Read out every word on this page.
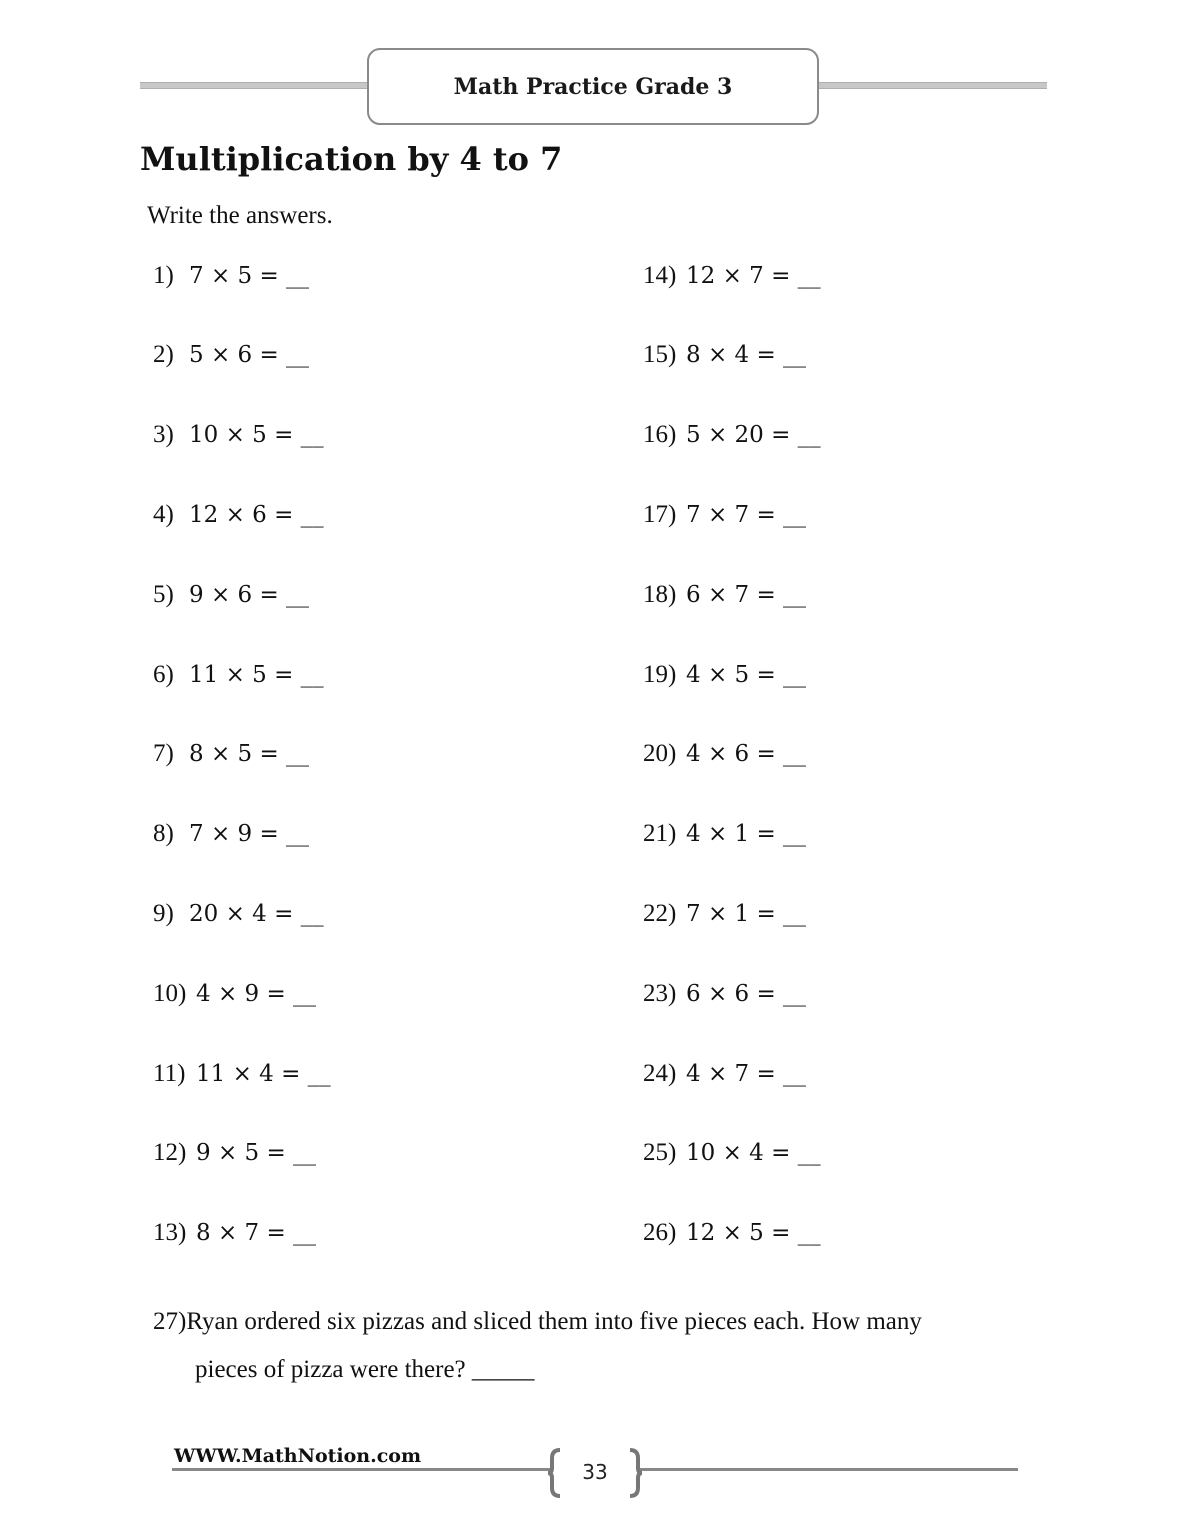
Math Practice Grade 3
Multiplication by 4 to 7
Write the answers.
1) 7 × 5 = __
2) 5 × 6 = __
3) 10 × 5 = __
4) 12 × 6 = __
5) 9 × 6 = __
6) 11 × 5 = __
7) 8 × 5 = __
8) 7 × 9 = __
9) 20 × 4 = __
10) 4 × 9 = __
11) 11 × 4 = __
12) 9 × 5 = __
13) 8 × 7 = __
14) 12 × 7 = __
15) 8 × 4 = __
16) 5 × 20 = __
17) 7 × 7 = __
18) 6 × 7 = __
19) 4 × 5 = __
20) 4 × 6 = __
21) 4 × 1 = __
22) 7 × 1 = __
23) 6 × 6 = __
24) 4 × 7 = __
25) 10 × 4 = __
26) 12 × 5 = __
27)Ryan ordered six pizzas and sliced them into five pieces each. How many
pieces of pizza were there? _____
WWW.MathNotion.com
33
